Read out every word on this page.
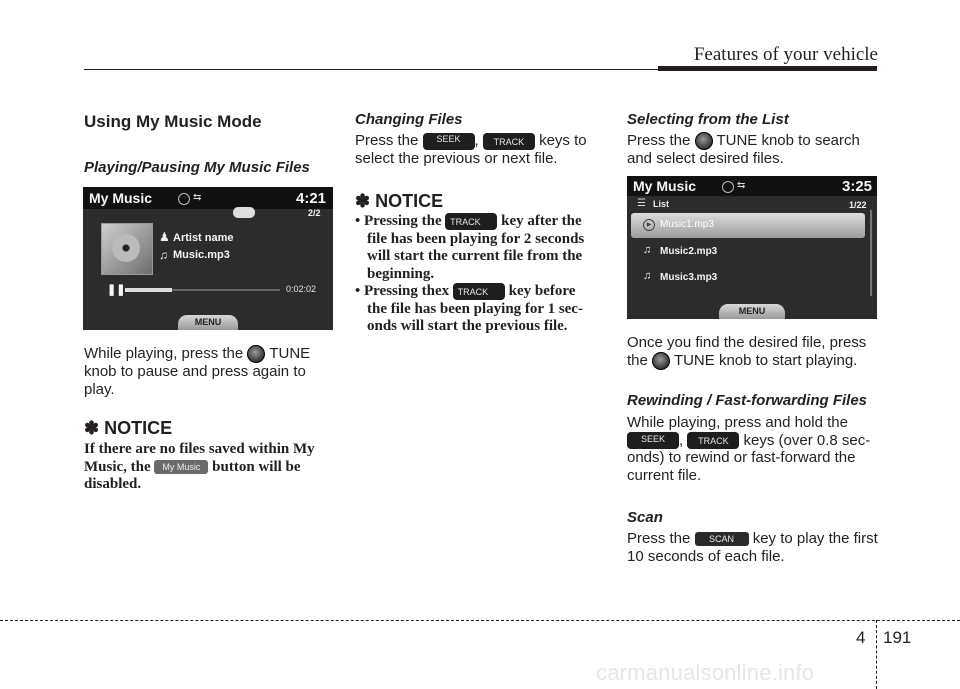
Features of your vehicle
Using My Music Mode
Playing/Pausing My Music Files
My Music	⇆	4:21
2/2
♟ Artist name
♫ Music.mp3
❚❚	0:02:02
MENU

While playing, press the TUNE
knob to pause and press again to
play.

✽ NOTICE

If there are no files saved within My
Music, the My Music button will be
disabled.

Changing Files

Press the	SEEK ,	TRACK keys to
select the previous or next file.

✽ NOTICE
• Pressing the TRACK	key after the
file has been playing for 2 seconds
will start the current file from the
beginning.
• Pressing thex TRACK	key before
the file has been playing for 1 sec-
onds will start the previous file.
Selecting from the List

Press the TUNE knob to search
and select desired files.

My Music	⇆	3:25
☰ List	1/22
▶ Music1.mp3
♫ Music2.mp3
♫ Music3.mp3
MENU

Once you find the desired file, press
the TUNE knob to start playing.

Rewinding / Fast-forwarding Files

While playing, press and hold the

SEEK ,	TRACK keys (over 0.8 sec-
onds) to rewind or fast-forward the
current file.

Scan

Press the SCAN key to play the first
10 seconds of each file.

4 191
carmanualsonline.info
